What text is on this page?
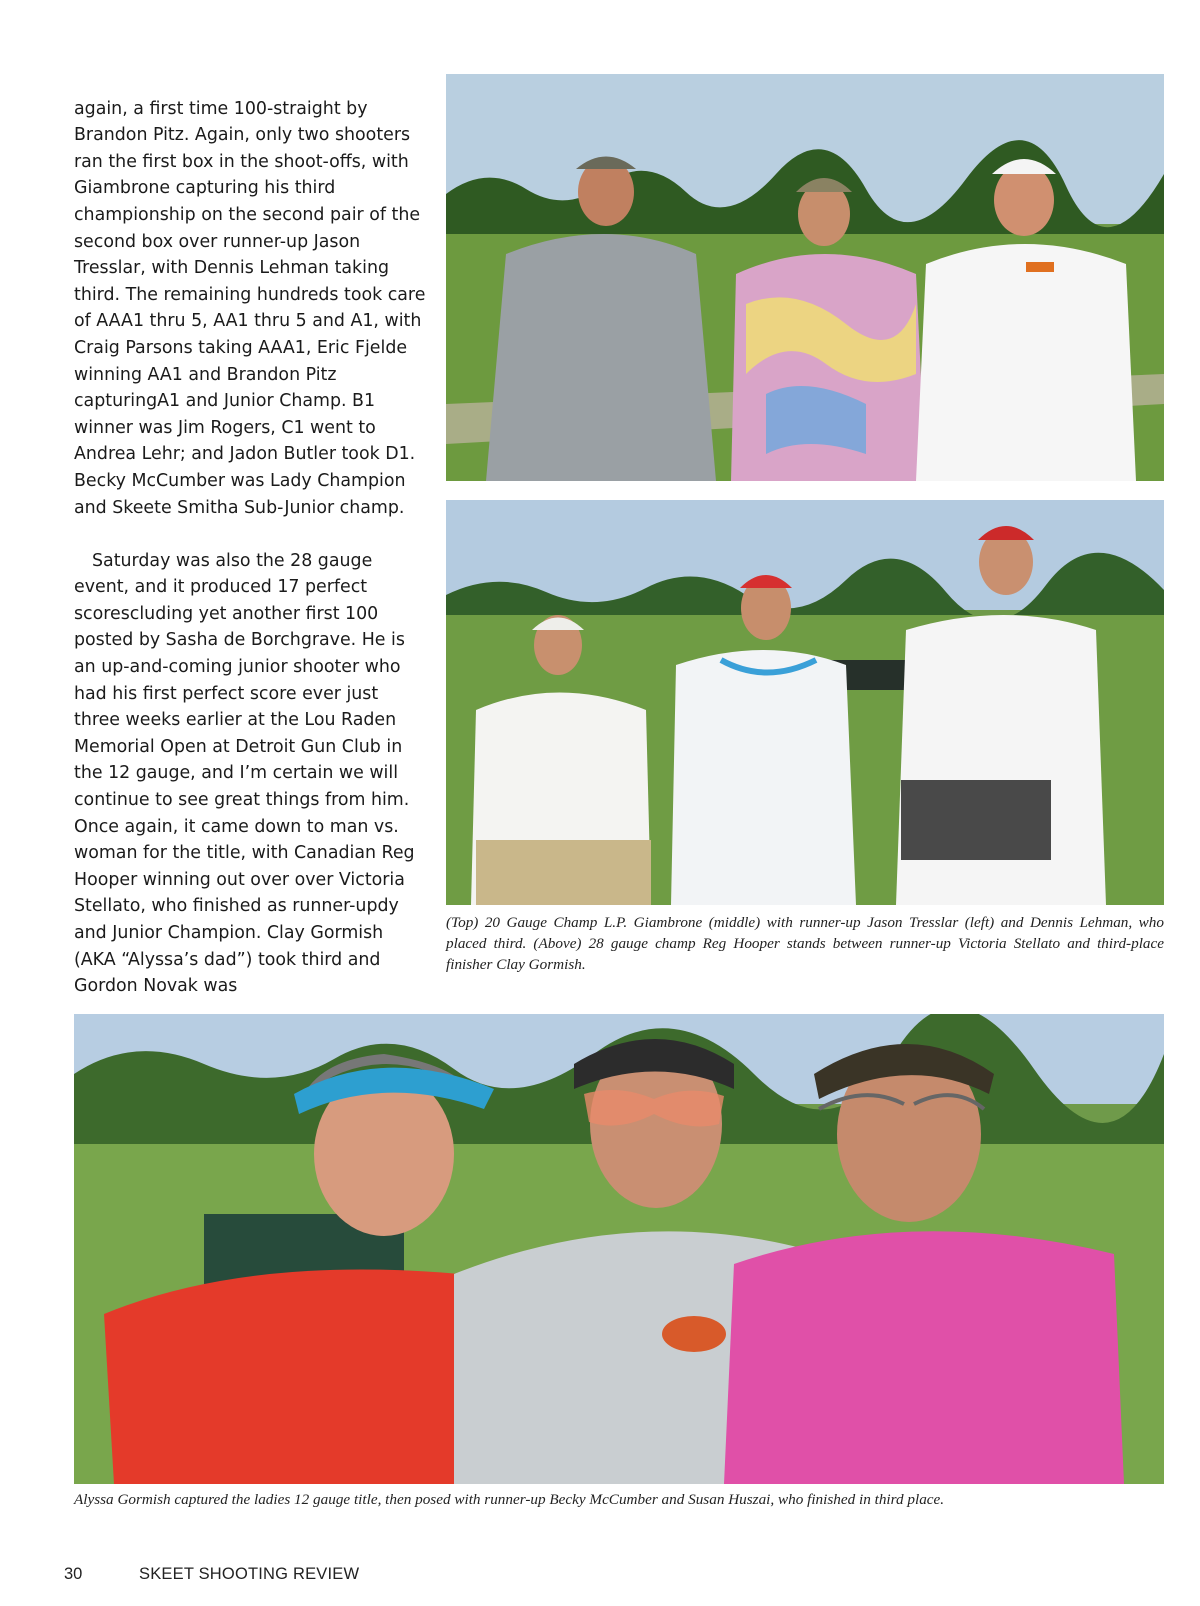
again, a first time 100-straight by Brandon Pitz. Again, only two shooters ran the first box in the shoot-offs, with Giambrone capturing his third championship on the second pair of the second box over runner-up Jason Tresslar, with Dennis Lehman taking third. The remaining hundreds took care of AAA1 thru 5, AA1 thru 5 and A1, with Craig Parsons taking AAA1, Eric Fjelde winning AA1 and Brandon Pitz capturingA1 and Junior Champ. B1 winner was Jim Rogers, C1 went to Andrea Lehr; and Jadon Butler took D1. Becky McCumber was Lady Champion and Skeete Smitha Sub-Junior champ.

Saturday was also the 28 gauge event, and it produced 17 perfect scorescluding yet another first 100 posted by Sasha de Borchgrave. He is an up-and-coming junior shooter who had his first perfect score ever just three weeks earlier at the Lou Raden Memorial Open at Detroit Gun Club in the 12 gauge, and I’m certain we will continue to see great things from him. Once again, it came down to man vs. woman for the title, with Canadian Reg Hooper winning out over over Victoria Stellato, who finished as runner-updy and Junior Champion. Clay Gormish (AKA “Alyssa’s dad”) took third and Gordon Novak was

(Top) 20 Gauge Champ L.P. Giambrone (middle) with runner-up Jason Tresslar (left) and Dennis Lehman, who placed third. (Above) 28 gauge champ Reg Hooper stands between runner-up Victoria Stellato and third-place finisher Clay Gormish.
Alyssa Gormish captured the ladies 12 gauge title, then posed with runner-up Becky McCumber and Susan Huszai, who finished in third place.
30	SKEET SHOOTING REVIEW
